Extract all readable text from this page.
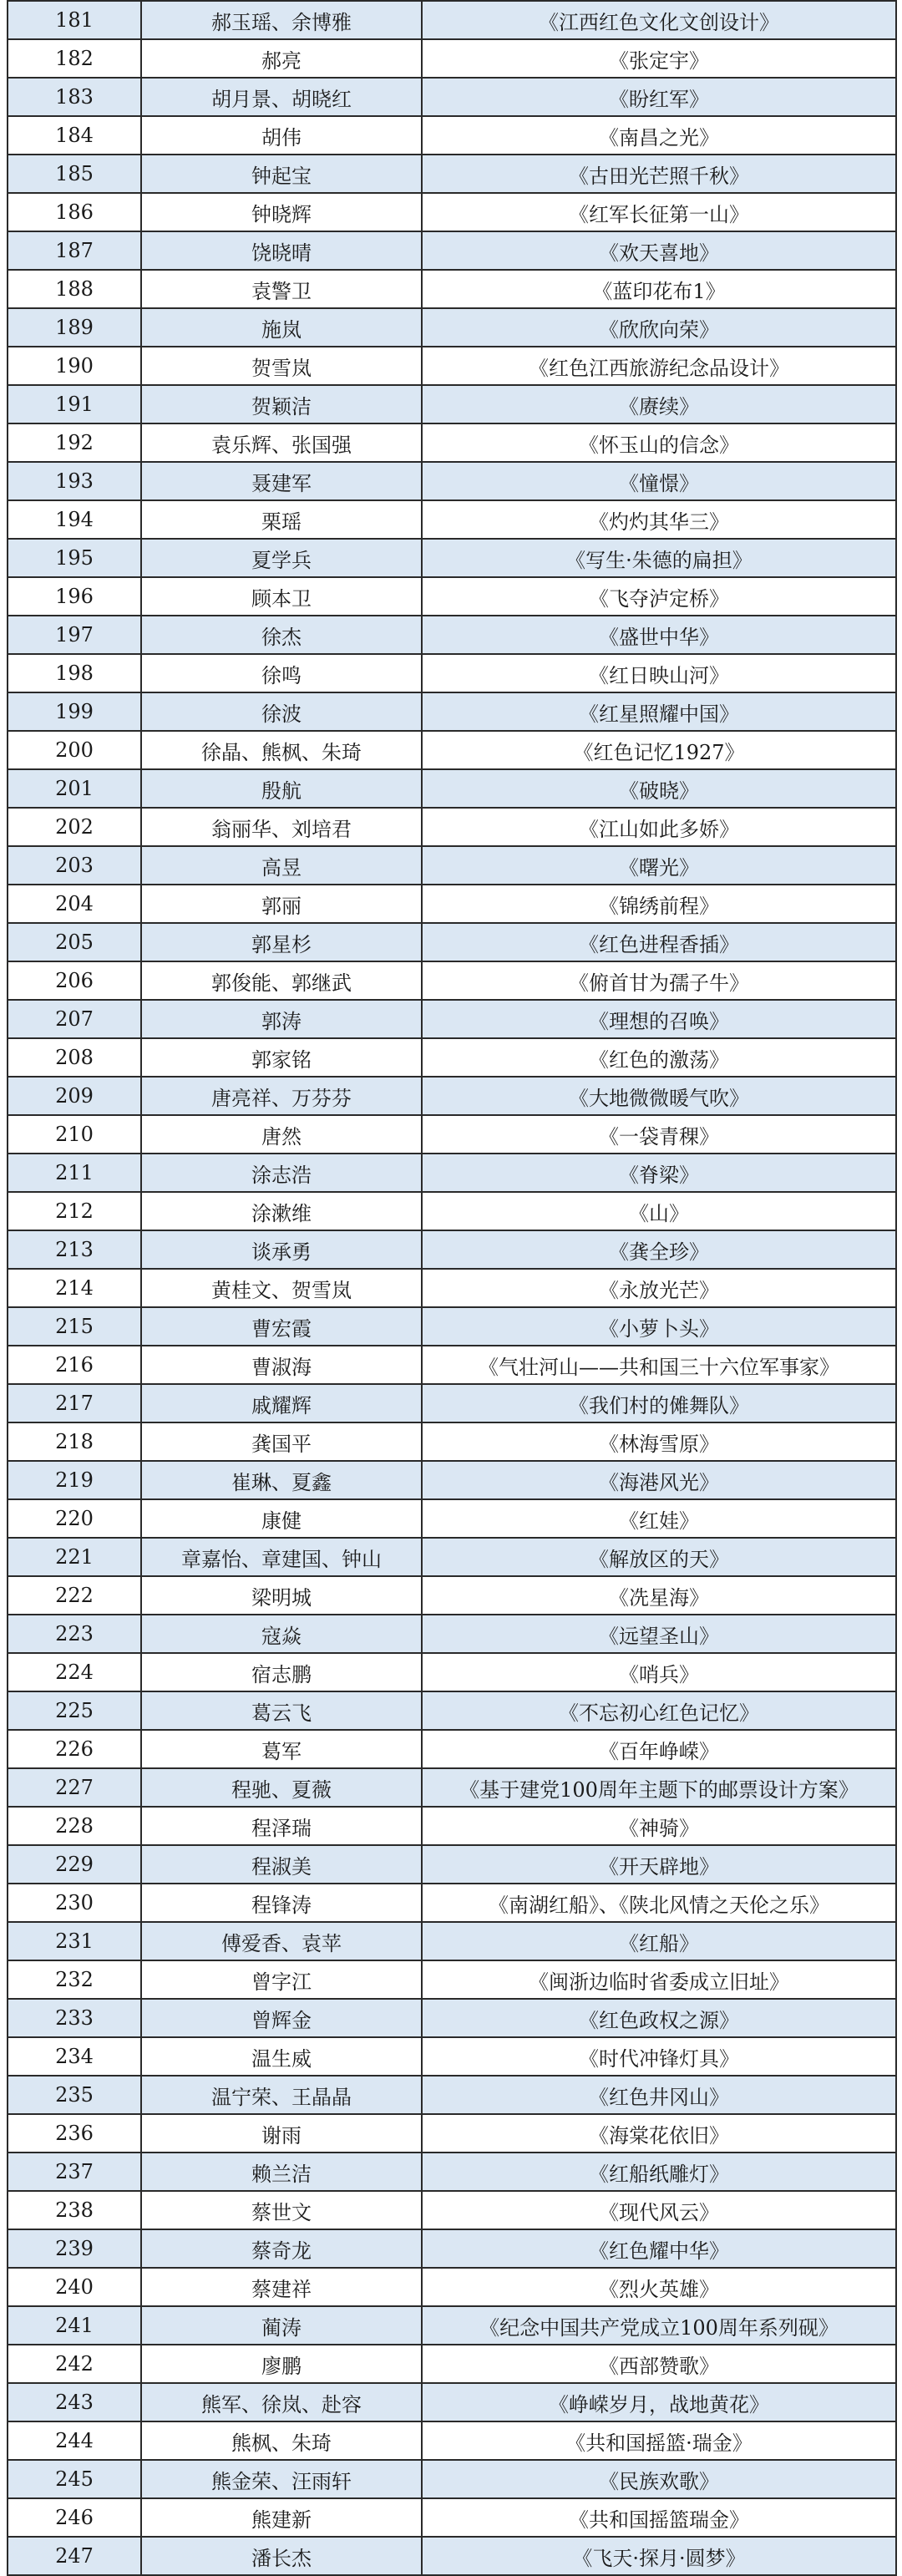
181	郝玉瑶、余博雅	《江西红色文化文创设计》
182	郝亮	《张定宇》
183	胡月景、胡晓红	《盼红军》
184	胡伟	《南昌之光》
185	钟起宝	《古田光芒照千秋》
186	钟晓辉	《红军长征第一山》
187	饶晓晴	《欢天喜地》
188	袁警卫	《蓝印花布1》
189	施岚	《欣欣向荣》
190	贺雪岚	《红色江西旅游纪念品设计》
191	贺颖洁	《赓续》
192	袁乐辉、张国强	《怀玉山的信念》
193	聂建军	《憧憬》
194	栗瑶	《灼灼其华三》
195	夏学兵	《写生·朱德的扁担》
196	顾本卫	《飞夺泸定桥》
197	徐杰	《盛世中华》
198	徐鸣	《红日映山河》
199	徐波	《红星照耀中国》
200	徐晶、熊枫、朱琦	《红色记忆1927》
201	殷航	《破晓》
202	翁丽华、刘培君	《江山如此多娇》
203	高昱	《曙光》
204	郭丽	《锦绣前程》
205	郭星杉	《红色进程香插》
206	郭俊能、郭继武	《俯首甘为孺子牛》
207	郭涛	《理想的召唤》
208	郭家铭	《红色的激荡》
209	唐亮祥、万芬芬	《大地微微暖气吹》
210	唐然	《一袋青稞》
211	涂志浩	《脊梁》
212	涂漱维	《山》
213	谈承勇	《龚全珍》
214	黄桂文、贺雪岚	《永放光芒》
215	曹宏霞	《小萝卜头》
216	曹淑海	《气壮河山——共和国三十六位军事家》
217	戚耀辉	《我们村的傩舞队》
218	龚国平	《林海雪原》
219	崔琳、夏鑫	《海港风光》
220	康健	《红娃》
221	章嘉怡、章建国、钟山	《解放区的天》
222	梁明城	《冼星海》
223	寇焱	《远望圣山》
224	宿志鹏	《哨兵》
225	葛云飞	《不忘初心红色记忆》
226	葛军	《百年峥嵘》
227	程驰、夏薇	《基于建党100周年主题下的邮票设计方案》
228	程泽瑞	《神骑》
229	程淑美	《开天辟地》
230	程锋涛	《南湖红船》、《陕北风情之天伦之乐》
231	傅爱香、袁苹	《红船》
232	曾字江	《闽浙边临时省委成立旧址》
233	曾辉金	《红色政权之源》
234	温生威	《时代冲锋灯具》
235	温宁荣、王晶晶	《红色井冈山》
236	谢雨	《海棠花依旧》
237	赖兰洁	《红船纸雕灯》
238	蔡世文	《现代风云》
239	蔡奇龙	《红色耀中华》
240	蔡建祥	《烈火英雄》
241	蔺涛	《纪念中国共产党成立100周年系列砚》
242	廖鹏	《西部赞歌》
243	熊军、徐岚、赴容	《峥嵘岁月，战地黄花》
244	熊枫、朱琦	《共和国摇篮·瑞金》
245	熊金荣、汪雨轩	《民族欢歌》
246	熊建新	《共和国摇篮瑞金》
247	潘长杰	《飞天·探月·圆梦》
